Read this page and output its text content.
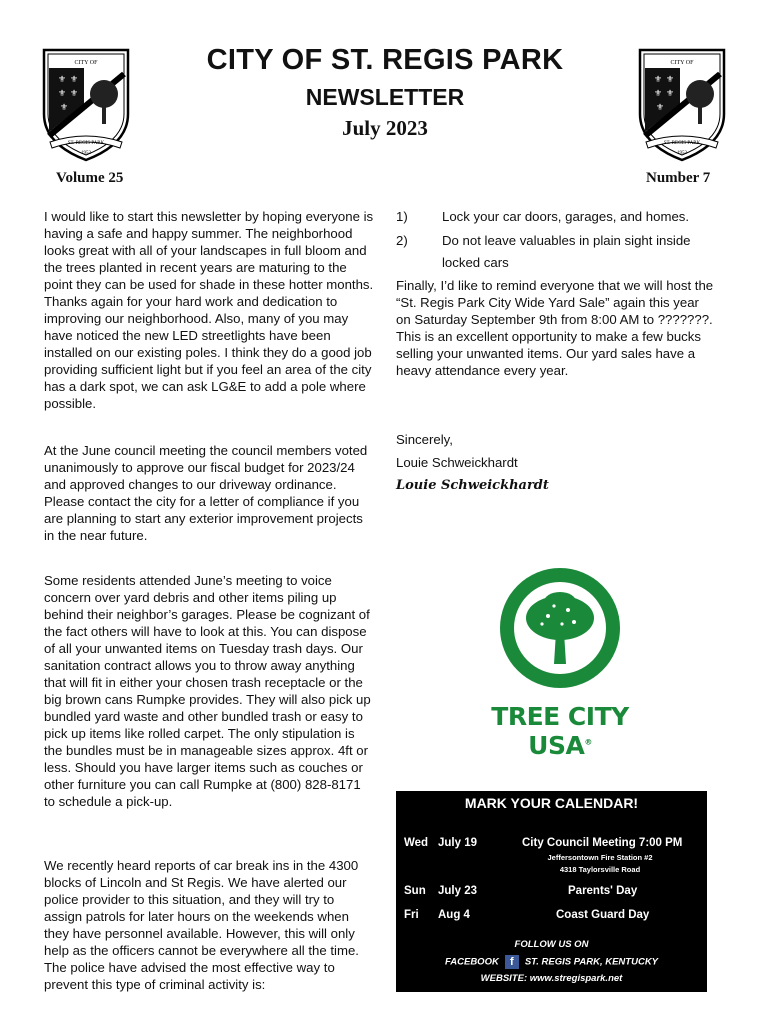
CITY OF
⚜ ⚜
⚜ ⚜
⚜
ST. REGIS PARK
1953
CITY OF
⚜ ⚜
⚜ ⚜
⚜
ST. REGIS PARK
1953
CITY OF ST. REGIS PARK
NEWSLETTER
July 2023
Volume 25	Number 7

I would like to start this newsletter by hoping everyone is having a safe and happy summer. The neighborhood looks great with all of your landscapes in full bloom and the trees planted in recent years are maturing to the point they can be used for shade in these hotter months. Thanks again for your hard work and dedication to improving our neighborhood. Also, many of you may have noticed the new LED streetlights have been installed on our existing poles. I think they do a good job providing sufficient light but if you feel an area of the city has a dark spot, we can ask LG&E to add a pole where possible.

At the June council meeting the council members voted unanimously to approve our fiscal budget for 2023/24 and approved changes to our driveway ordinance. Please contact the city for a letter of compliance if you are planning to start any exterior improvement projects in the near future.

Some residents attended June’s meeting to voice concern over yard debris and other items piling up behind their neighbor’s garages. Please be cognizant of the fact others will have to look at this. You can dispose of all your unwanted items on Tuesday trash days. Our sanitation contract allows you to throw away anything that will fit in either your chosen trash receptacle or the big brown cans Rumpke provides. They will also pick up bundled yard waste and other bundled trash or easy to pick up items like rolled carpet. The only stipulation is the bundles must be in manageable sizes approx. 4ft or less. Should you have larger items such as couches or other furniture you can call Rumpke at (800) 828-8171 to schedule a pick-up.

We recently heard reports of car break ins in the 4300 blocks of Lincoln and St Regis. We have alerted our police provider to this situation, and they will try to assign patrols for later hours on the weekends when they have personnel available. However, this will only help as the officers cannot be everywhere all the time. The police have advised the most effective way to prevent this type of criminal activity is:

1)	Lock your car doors, garages, and homes.
2)	Do not leave valuables in plain sight inside locked cars

Finally, I’d like to remind everyone that we will host the “St. Regis Park City Wide Yard Sale” again this year on Saturday September 9th from 8:00 AM to ???????. This is an excellent opportunity to make a few bucks selling your unwanted items. Our yard sales have a heavy attendance every year.

Sincerely,
Louie Schweickhardt
Louie Schweickhardt
TREE CITY USA®
MARK YOUR CALENDAR!
Wed July 19	City Council Meeting 7:00 PM
Jeffersontown Fire Station #2
4318 Taylorsville Road
Sun July 23	Parents' Day
Fri Aug 4	Coast Guard Day
FOLLOW US ON
FACEBOOK f ST. REGIS PARK, KENTUCKY
WEBSITE: www.stregispark.net
